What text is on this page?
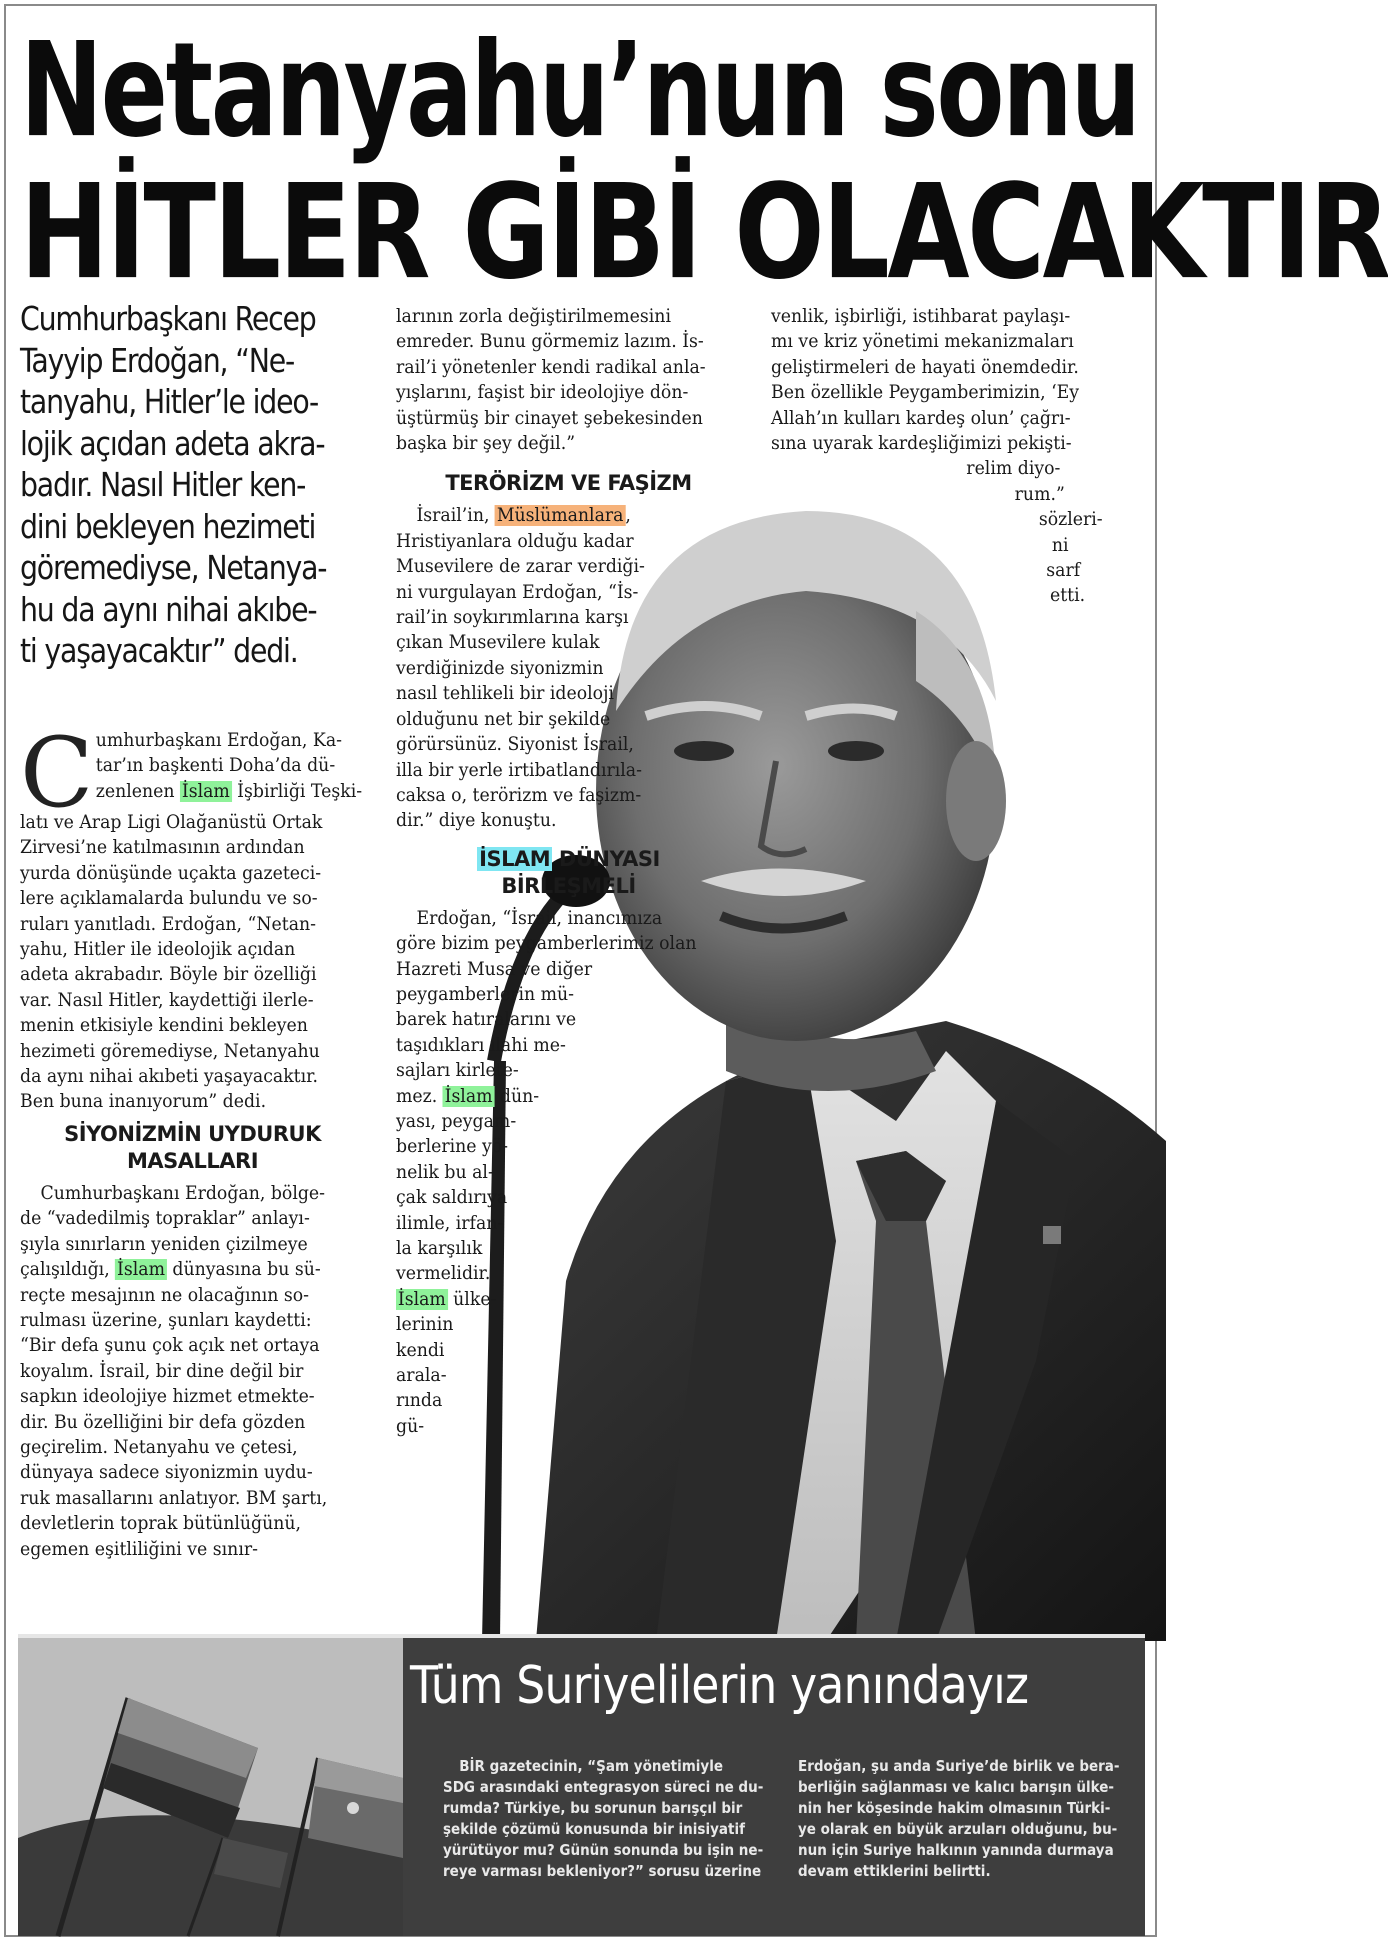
Netanyahu’nun sonu
HİTLER GİBİ OLACAKTIR
Cumhurbaşkanı Recep
Tayyip Erdoğan, “Ne-
tanyahu, Hitler’le ideo-
lojik açıdan adeta akra-
badır. Nasıl Hitler ken-
dini bekleyen hezimeti
göremediyse, Netanya-
hu da aynı nihai akıbe-
ti yaşayacaktır” dedi.
C umhurbaşkanı Erdoğan, Ka-
tar’ın başkenti Doha’da dü-
zenlenen İslam İşbirliği Teşki-
latı ve Arap Ligi Olağanüstü Ortak
Zirvesi’ne katılmasının ardından
yurda dönüşünde uçakta gazeteci-
lere açıklamalarda bulundu ve so-
ruları yanıtladı. Erdoğan, “Netan-
yahu, Hitler ile ideolojik açıdan
adeta akrabadır. Böyle bir özelliği
var. Nasıl Hitler, kaydettiği ilerle-
menin etkisiyle kendini bekleyen
hezimeti göremediyse, Netanyahu
da aynı nihai akıbeti yaşayacaktır.
Ben buna inanıyorum” dedi.
SİYONİZMİN UYDURUK
MASALLARI
Cumhurbaşkanı Erdoğan, bölge-
de “vadedilmiş topraklar” anlayı-
şıyla sınırların yeniden çizilmeye
çalışıldığı, İslam dünyasına bu sü-
reçte mesajının ne olacağının so-
rulması üzerine, şunları kaydetti:
“Bir defa şunu çok açık net ortaya
koyalım. İsrail, bir dine değil bir
sapkın ideolojiye hizmet etmekte-
dir. Bu özelliğini bir defa gözden
geçirelim. Netanyahu ve çetesi,
dünyaya sadece siyonizmin uydu-
ruk masallarını anlatıyor. BM şartı,
devletlerin toprak bütünlüğünü,
egemen eşitliliğini ve sınır-
larının zorla değiştirilmemesini
emreder. Bunu görmemiz lazım. İs-
rail’i yönetenler kendi radikal anla-
yışlarını, faşist bir ideolojiye dön-
üştürmüş bir cinayet şebekesinden
başka bir şey değil.”
TERÖRİZM VE FAŞİZM
İsrail’in, Müslümanlara ,
Hristiyanlara olduğu kadar
Musevilere de zarar verdiği-
ni vurgulayan Erdoğan, “İs-
rail’in soykırımlarına karşı
çıkan Musevilere kulak
verdiğinizde siyonizmin
nasıl tehlikeli bir ideoloji
olduğunu net bir şekilde
görürsünüz. Siyonist İsrail,
illa bir yerle irtibatlandırıla-
caksa o, terörizm ve faşizm-
dir.” diye konuştu.
İSLAM DÜNYASI
BİRLEŞMELİ
Erdoğan, “İsrail, inancımıza
göre bizim peygamberlerimiz olan
Hazreti Musa ve diğer
peygamberlerin mü-
barek hatıralarını ve
taşıdıkları ilahi me-
sajları kirlete-
mez. İslam dün-
yası, peygam-
berlerine yö-
nelik bu al-
çak saldırıya
ilimle, irfan-
la karşılık
vermelidir.
İslam ülke-
lerinin
kendi
arala-
rında
gü-
venlik, işbirliği, istihbarat paylaşı-
mı ve kriz yönetimi mekanizmaları
geliştirmeleri de hayati önemdedir.
Ben özellikle Peygamberimizin, ‘Ey
Allah’ın kulları kardeş olun’ çağrı-
sına uyarak kardeşliğimizi pekişti-
relim diyo-
rum.”
sözleri-
ni
sarf
etti.
Tüm Suriyelilerin yanındayız
BİR gazetecinin, “Şam yönetimiyle
SDG arasındaki entegrasyon süreci ne du-
rumda? Türkiye, bu sorunun barışçıl bir
şekilde çözümü konusunda bir inisiyatif
yürütüyor mu? Günün sonunda bu işin ne-
reye varması bekleniyor?” sorusu üzerine
Erdoğan, şu anda Suriye’de birlik ve bera-
berliğin sağlanması ve kalıcı barışın ülke-
nin her köşesinde hakim olmasının Türki-
ye olarak en büyük arzuları olduğunu, bu-
nun için Suriye halkının yanında durmaya
devam ettiklerini belirtti.
